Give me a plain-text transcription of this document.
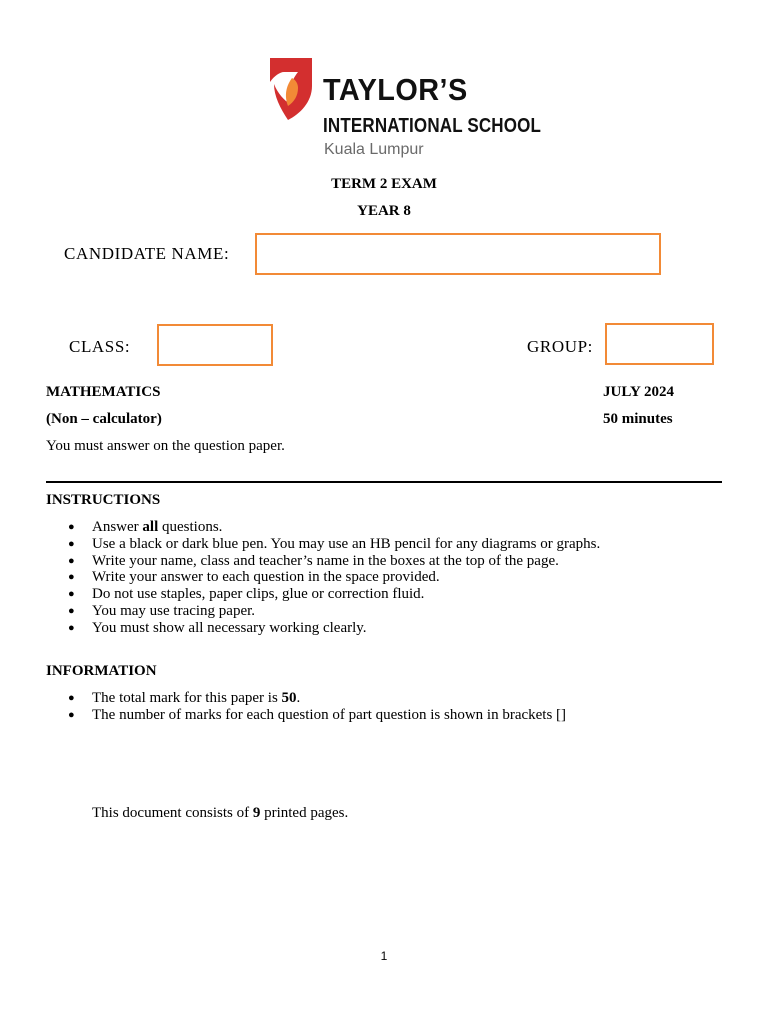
TAYLOR’S
INTERNATIONAL SCHOOL
Kuala Lumpur
TERM 2 EXAM
YEAR 8
CANDIDATE NAME:
CLASS:	GROUP:
MATHEMATICS	JULY 2024
(Non – calculator)	50 minutes
You must answer on the question paper.
INSTRUCTIONS
● Answer all questions.
● Use a black or dark blue pen. You may use an HB pencil for any diagrams or graphs.
● Write your name, class and teacher’s name in the boxes at the top of the page.
● Write your answer to each question in the space provided.
● Do not use staples, paper clips, glue or correction fluid.
● You may use tracing paper.
● You must show all necessary working clearly.
INFORMATION
● The total mark for this paper is 50.
● The number of marks for each question of part question is shown in brackets []
This document consists of 9 printed pages.
1
